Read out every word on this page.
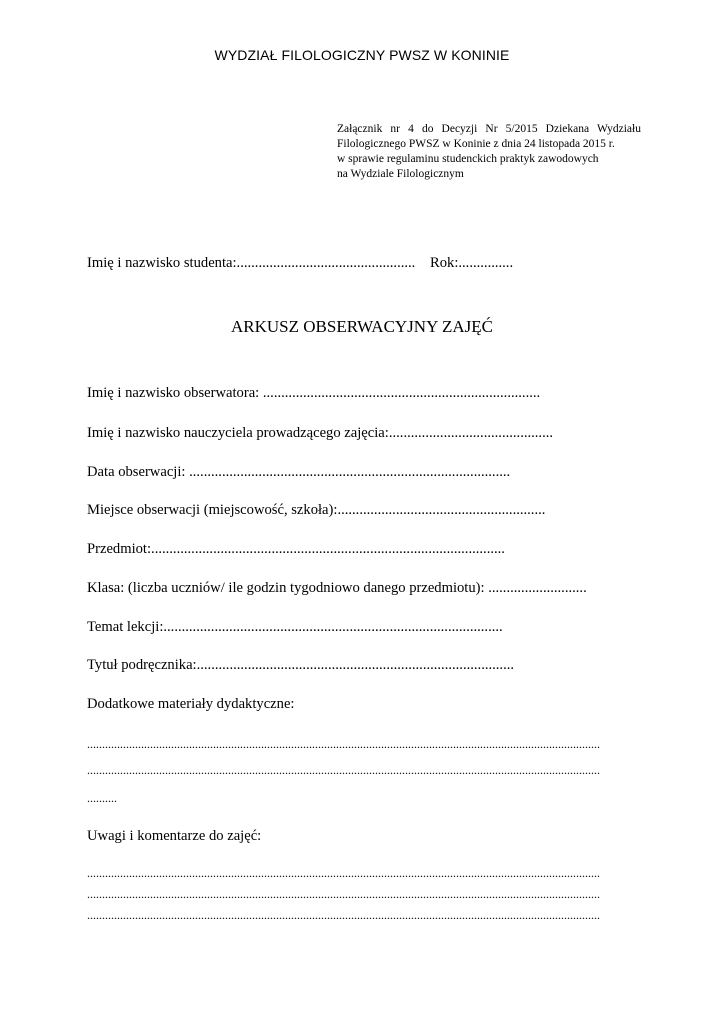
WYDZIAŁ FILOLOGICZNY PWSZ W KONINIE
Załącznik nr 4 do Decyzji Nr 5/2015 Dziekana Wydziału
Filologicznego PWSZ w Koninie z dnia 24 listopada 2015 r.
w sprawie regulaminu studenckich praktyk zawodowych
na Wydziale Filologicznym
Imię i nazwisko studenta:................................................. Rok:...............
ARKUSZ OBSERWACYJNY ZAJĘĆ
Imię i nazwisko obserwatora: ............................................................................
Imię i nazwisko nauczyciela prowadzącego zajęcia:.............................................
Data obserwacji: ........................................................................................
Miejsce obserwacji (miejscowość, szkoła):.........................................................
Przedmiot:.................................................................................................
Klasa: (liczba uczniów/ ile godzin tygodniowo danego przedmiotu): ...........................
Temat lekcji:.............................................................................................
Tytuł podręcznika:.......................................................................................
Dodatkowe materiały dydaktyczne:
...........................................................................................................................................................................
...........................................................................................................................................................................
..........
Uwagi i komentarze do zajęć:
...........................................................................................................................................................................
...........................................................................................................................................................................
...........................................................................................................................................................................
